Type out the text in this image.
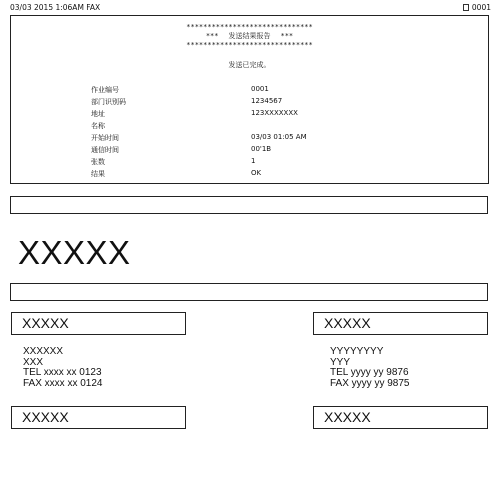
03/03 2015 1:06AM FAX	0001
******************************
***	发送结果报告	***
******************************
发送已完成。
作业编号	0001
部门识别码	1234567
地址	123XXXXXXX
名称
开始时间	03/03 01:05 AM
通信时间	00'1B
张数	1
结果	OK
XXXXX
XXXXX
XXXXXX
XXX
TEL xxxx xx 0123
FAX xxxx xx 0124
XXXXX
XXXXX
YYYYYYYY
YYY
TEL yyyy yy 9876
FAX yyyy yy 9875
XXXXX
